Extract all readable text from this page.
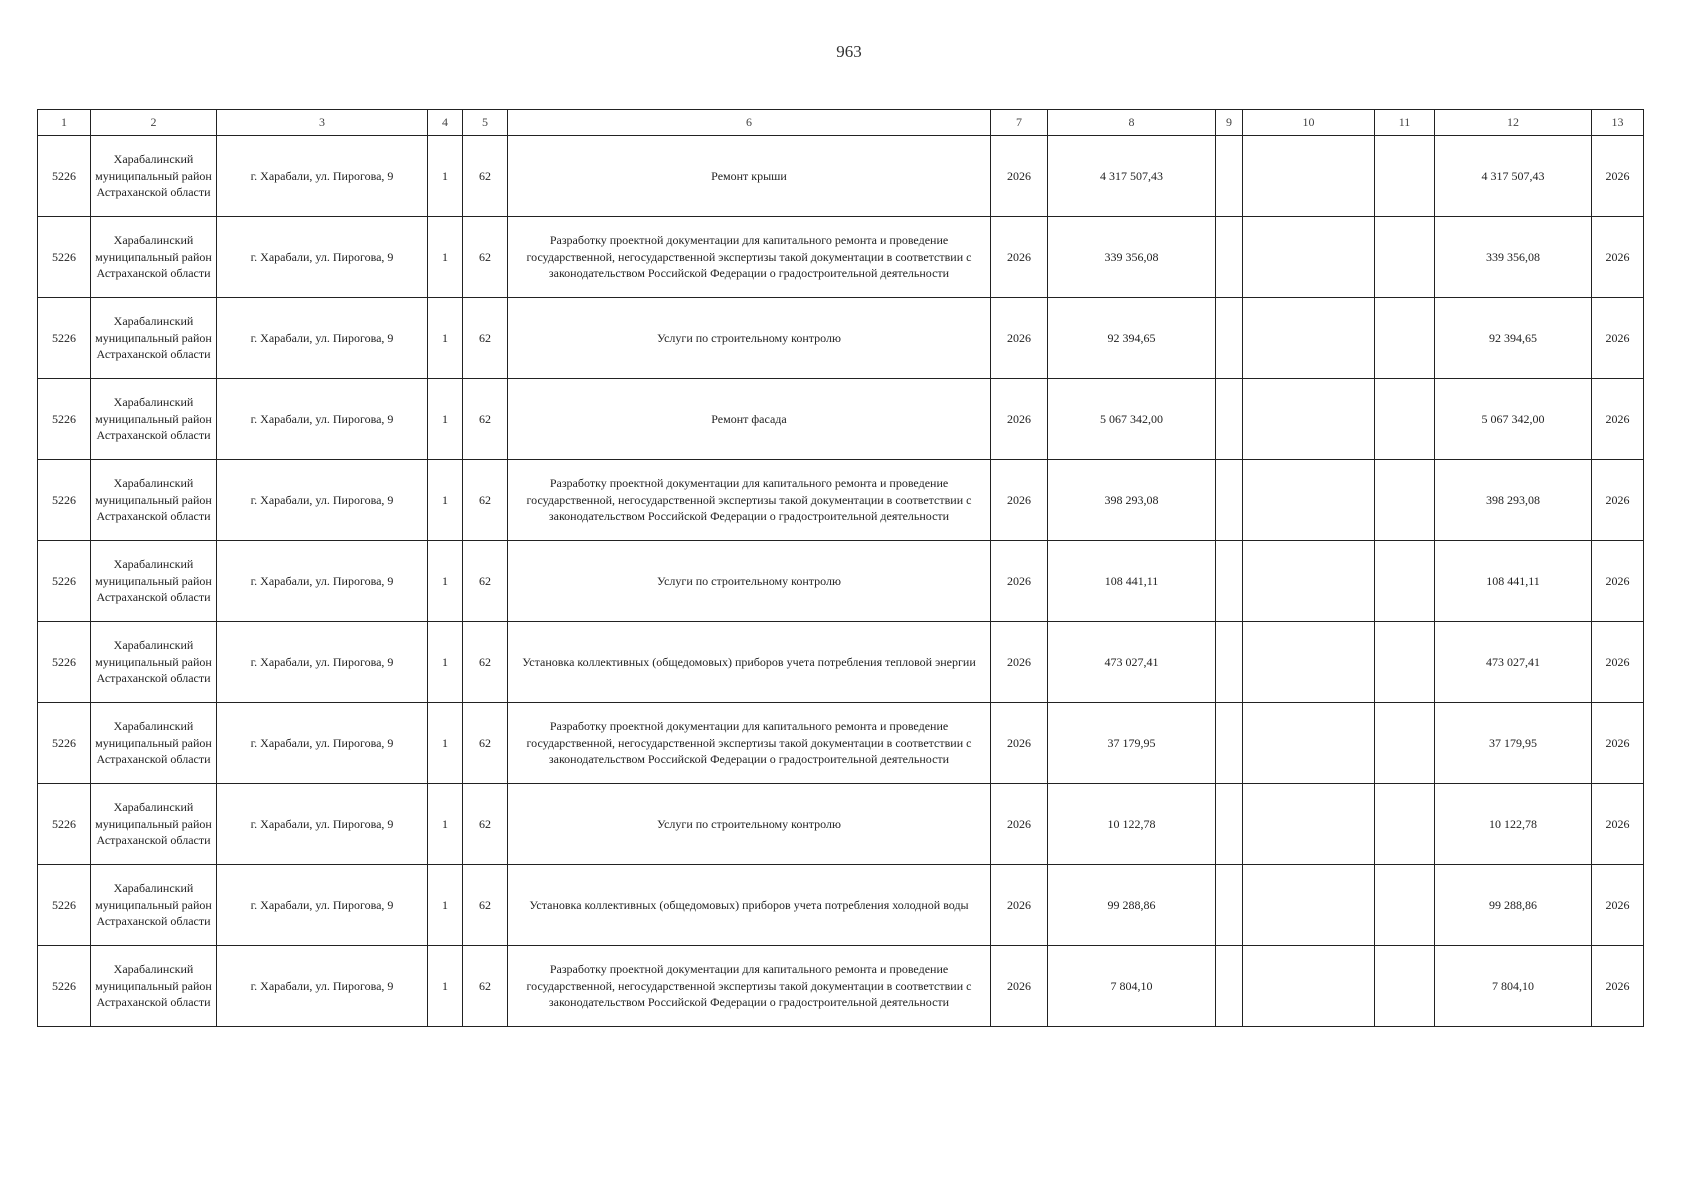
963
1	2	3	4	5	6	7	8	9	10	11	12	13
5226	Харабалинский муниципальный район Астраханской области	г. Харабали, ул. Пирогова, 9	1	62	Ремонт крыши	2026	4 317 507,43				4 317 507,43	2026
5226	Харабалинский муниципальный район Астраханской области	г. Харабали, ул. Пирогова, 9	1	62	Разработку проектной документации для капитального ремонта и проведение государственной, негосударственной экспертизы такой документации в соответствии с законодательством Российской Федерации о градостроительной деятельности	2026	339 356,08				339 356,08	2026
5226	Харабалинский муниципальный район Астраханской области	г. Харабали, ул. Пирогова, 9	1	62	Услуги по строительному контролю	2026	92 394,65				92 394,65	2026
5226	Харабалинский муниципальный район Астраханской области	г. Харабали, ул. Пирогова, 9	1	62	Ремонт фасада	2026	5 067 342,00				5 067 342,00	2026
5226	Харабалинский муниципальный район Астраханской области	г. Харабали, ул. Пирогова, 9	1	62	Разработку проектной документации для капитального ремонта и проведение государственной, негосударственной экспертизы такой документации в соответствии с законодательством Российской Федерации о градостроительной деятельности	2026	398 293,08				398 293,08	2026
5226	Харабалинский муниципальный район Астраханской области	г. Харабали, ул. Пирогова, 9	1	62	Услуги по строительному контролю	2026	108 441,11				108 441,11	2026
5226	Харабалинский муниципальный район Астраханской области	г. Харабали, ул. Пирогова, 9	1	62	Установка коллективных (общедомовых) приборов учета потребления тепловой энергии	2026	473 027,41				473 027,41	2026
5226	Харабалинский муниципальный район Астраханской области	г. Харабали, ул. Пирогова, 9	1	62	Разработку проектной документации для капитального ремонта и проведение государственной, негосударственной экспертизы такой документации в соответствии с законодательством Российской Федерации о градостроительной деятельности	2026	37 179,95				37 179,95	2026
5226	Харабалинский муниципальный район Астраханской области	г. Харабали, ул. Пирогова, 9	1	62	Услуги по строительному контролю	2026	10 122,78				10 122,78	2026
5226	Харабалинский муниципальный район Астраханской области	г. Харабали, ул. Пирогова, 9	1	62	Установка коллективных (общедомовых) приборов учета потребления холодной воды	2026	99 288,86				99 288,86	2026
5226	Харабалинский муниципальный район Астраханской области	г. Харабали, ул. Пирогова, 9	1	62	Разработку проектной документации для капитального ремонта и проведение государственной, негосударственной экспертизы такой документации в соответствии с законодательством Российской Федерации о градостроительной деятельности	2026	7 804,10				7 804,10	2026
